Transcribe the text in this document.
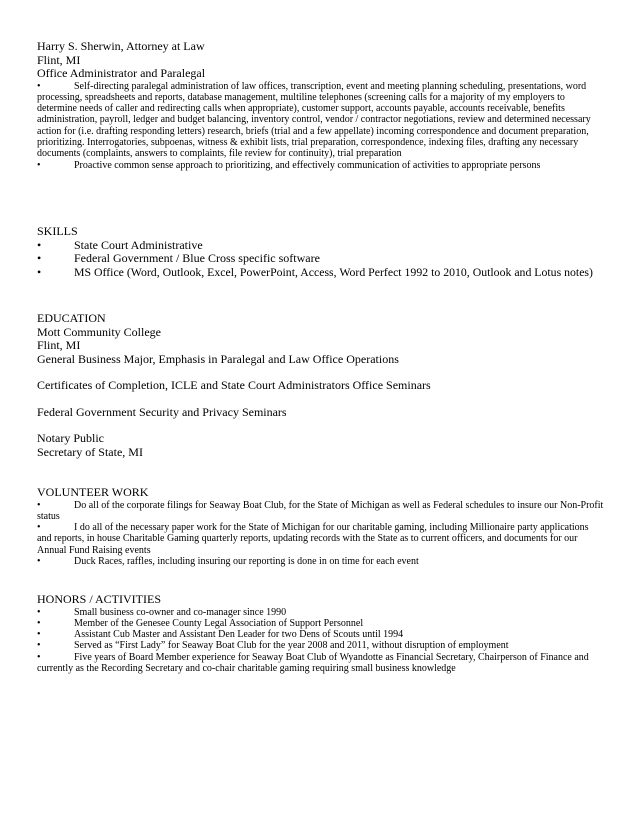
Harry S. Sherwin, Attorney at Law
Flint, MI
Office Administrator and Paralegal
•	Self-directing paralegal administration of law offices, transcription, event and meeting planning scheduling, presentations, word processing, spreadsheets and reports, database management, multiline telephones (screening calls for a majority of my employers to determine needs of caller and redirecting calls when appropriate), customer support, accounts payable, accounts receivable, benefits administration, payroll, ledger and budget balancing, inventory control, vendor / contractor negotiations, review and determined necessary action for (i.e. drafting responding letters) research, briefs (trial and a few appellate) incoming correspondence and document preparation, prioritizing. Interrogatories, subpoenas, witness & exhibit lists, trial preparation, correspondence, indexing files, drafting any necessary documents (complaints, answers to complaints, file review for continuity), trial preparation
•	Proactive common sense approach to prioritizing, and effectively communication of activities to appropriate persons
SKILLS
•	State Court Administrative
•	Federal Government / Blue Cross specific software
•	MS Office (Word, Outlook, Excel, PowerPoint, Access, Word Perfect 1992 to 2010, Outlook and Lotus notes)
EDUCATION
Mott Community College
Flint, MI
General Business Major, Emphasis in Paralegal and Law Office Operations
Certificates of Completion, ICLE and State Court Administrators Office Seminars
Federal Government Security and Privacy Seminars
Notary Public
Secretary of State, MI
VOLUNTEER WORK
•	Do all of the corporate filings for Seaway Boat Club, for the State of Michigan as well as Federal schedules to insure our Non-Profit status
•	I do all of the necessary paper work for the State of Michigan for our charitable gaming, including Millionaire party applications and reports, in house Charitable Gaming quarterly reports, updating records with the State as to current officers, and documents for our Annual Fund Raising events
•	Duck Races, raffles, including insuring our reporting is done in on time for each event
HONORS / ACTIVITIES
•	Small business co-owner and co-manager since 1990
•	Member of the Genesee County Legal Association of Support Personnel
•	Assistant Cub Master and Assistant Den Leader for two Dens of Scouts until 1994
•	Served as “First Lady” for Seaway Boat Club for the year 2008 and 2011, without disruption of employment
•	Five years of Board Member experience for Seaway Boat Club of Wyandotte as Financial Secretary, Chairperson of Finance and currently as the Recording Secretary and co-chair charitable gaming requiring small business knowledge
